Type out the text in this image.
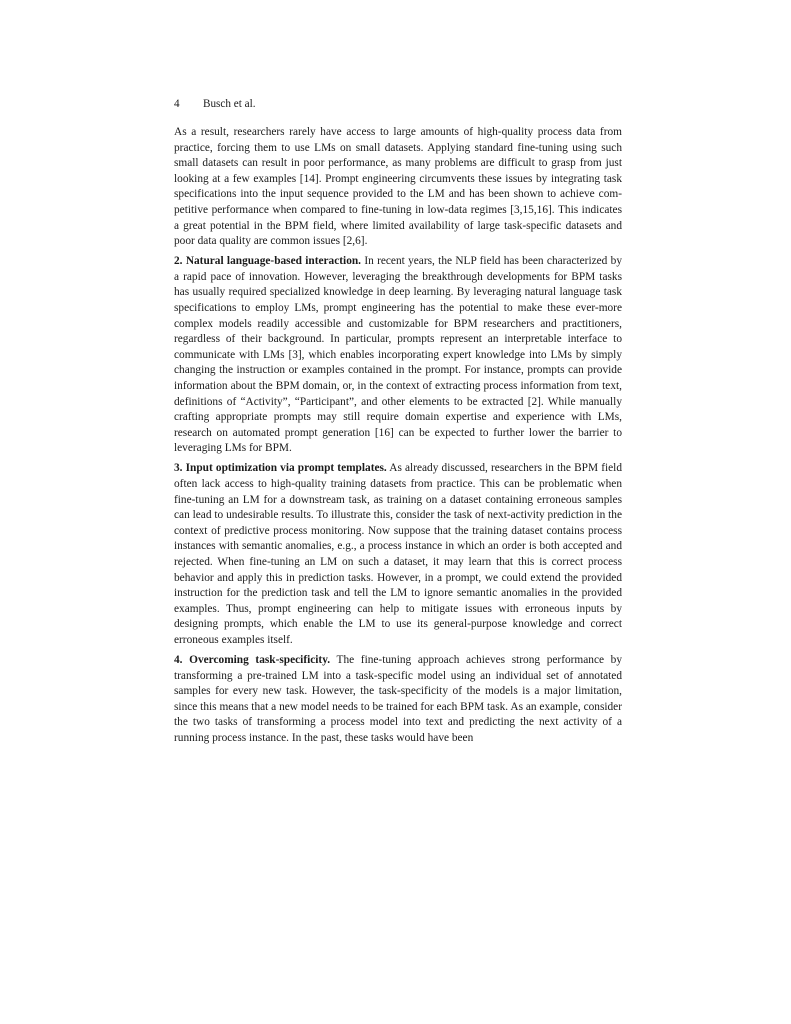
4 Busch et al.

As a result, researchers rarely have access to large amounts of high-quality process data from practice, forcing them to use LMs on small datasets. Applying standard fine-tuning using such small datasets can result in poor performance, as many problems are difficult to grasp from just looking at a few examples [14]. Prompt engineering circumvents these issues by integrating task specifications into the input sequence provided to the LM and has been shown to achieve competitive performance when compared to fine-tuning in low-data regimes [3,15,16]. This indicates a great potential in the BPM field, where limited availability of large task-specific datasets and poor data quality are common issues [2,6].

2. Natural language-based interaction. In recent years, the NLP field has been characterized by a rapid pace of innovation. However, leveraging the breakthrough developments for BPM tasks has usually required specialized knowledge in deep learning. By leveraging natural language task specifications to employ LMs, prompt engineering has the potential to make these ever-more complex models readily accessible and customizable for BPM researchers and practitioners, regardless of their background. In particular, prompts represent an interpretable interface to communicate with LMs [3], which enables incorporating expert knowledge into LMs by simply changing the instruction or examples contained in the prompt. For instance, prompts can provide information about the BPM domain, or, in the context of extracting process information from text, definitions of “Activity”, “Participant”, and other elements to be extracted [2]. While manually crafting appropriate prompts may still require domain expertise and experience with LMs, research on automated prompt generation [16] can be expected to further lower the barrier to leveraging LMs for BPM.

3. Input optimization via prompt templates. As already discussed, researchers in the BPM field often lack access to high-quality training datasets from practice. This can be problematic when fine-tuning an LM for a downstream task, as training on a dataset containing erroneous samples can lead to undesirable results. To illustrate this, consider the task of next-activity prediction in the context of predictive process monitoring. Now suppose that the training dataset contains process instances with semantic anomalies, e.g., a process instance in which an order is both accepted and rejected. When fine-tuning an LM on such a dataset, it may learn that this is correct process behavior and apply this in prediction tasks. However, in a prompt, we could extend the provided instruction for the prediction task and tell the LM to ignore semantic anomalies in the provided examples. Thus, prompt engineering can help to mitigate issues with erroneous inputs by designing prompts, which enable the LM to use its general-purpose knowledge and correct erroneous examples itself.

4. Overcoming task-specificity. The fine-tuning approach achieves strong performance by transforming a pre-trained LM into a task-specific model using an individual set of annotated samples for every new task. However, the task-specificity of the models is a major limitation, since this means that a new model needs to be trained for each BPM task. As an example, consider the two tasks of transforming a process model into text and predicting the next activity of a running process instance. In the past, these tasks would have been
